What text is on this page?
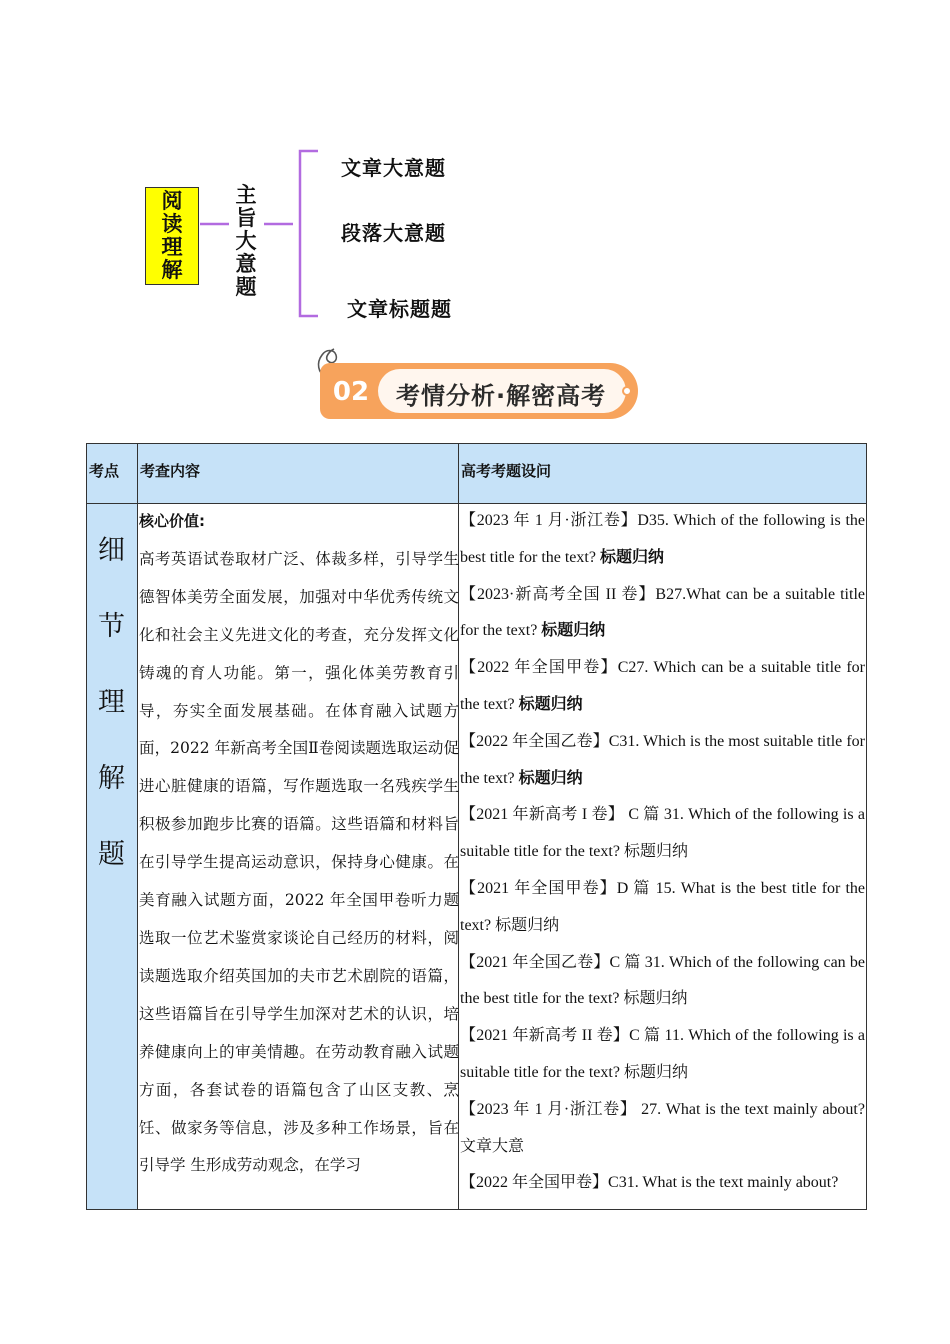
阅读理解
主旨大意题
文章大意题
段落大意题
文章标题题
02 考情分析·解密高考
考点 考查内容	高考考题设问
细
节
理
解
题

核心价值:
高考英语试卷取材广泛、体裁多样，引导学生德智体美劳全面发展，加强对中华优秀传统文化和社会主义先进文化的考查，充分发挥文化铸魂的育人功能。第一，强化体美劳教育引导，夯实全面发展基础。在体育融入试题方面，2022 年新高考全国Ⅱ卷阅读题选取运动促进心脏健康的语篇，写作题选取一名残疾学生积极参加跑步比赛的语篇。这些语篇和材料旨在引导学生提高运动意识，保持身心健康。在美育融入试题方面，2022 年全国甲卷听力题选取一位艺术鉴赏家谈论自己经历的材料，阅读题选取介绍英国加的夫市艺术剧院的语篇，这些语篇旨在引导学生加深对艺术的认识，培养健康向上的审美情趣。在劳动教育融入试题方面，各套试卷的语篇包含了山区支教、烹饪、做家务等信息，涉及多种工作场景，旨在引导学 生形成劳动观念，在学习

【2023 年 1 月·浙江卷】D35. Which of the following is the best title for the text? 标题归纳

【2023·新高考全国 II 卷】B27.What can be a suitable title for the text? 标题归纳

【2022 年全国甲卷】C27. Which can be a suitable title for the text? 标题归纳

【2022 年全国乙卷】C31. Which is the most suitable title for the text? 标题归纳

【2021 年新高考 I 卷】 C 篇 31. Which of the following is a suitable title for the text? 标题归纳

【2021 年全国甲卷】D 篇 15. What is the best title for the text? 标题归纳

【2021 年全国乙卷】C 篇 31. Which of the following can be the best title for the text? 标题归纳

【2021 年新高考 II 卷】C 篇 11. Which of the following is a suitable title for the text? 标题归纳

【2023 年 1 月·浙江卷】 27. What is the text mainly about?文章大意

【2022 年全国甲卷】C31. What is the text mainly about?
